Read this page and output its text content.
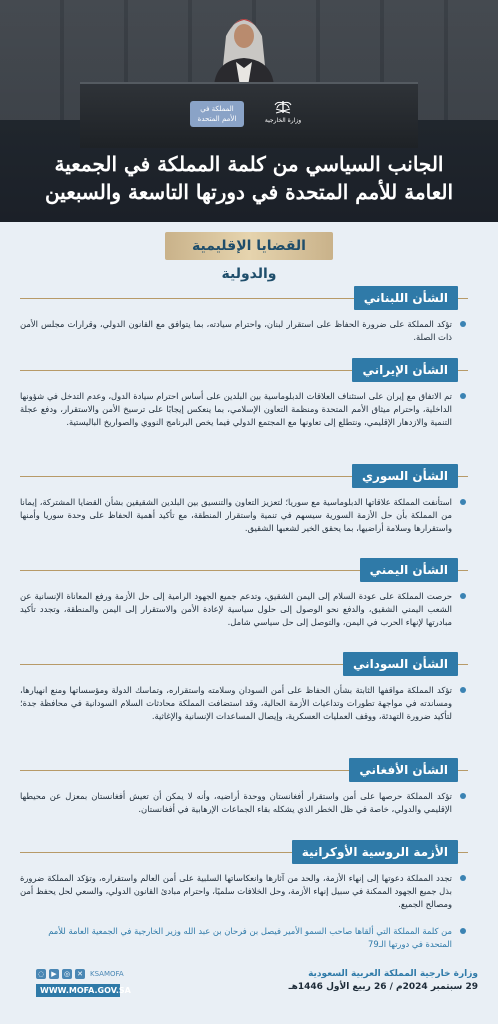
المملكة في
الأمم المتحدة	وزارة الخارجية
الجانب السياسي من كلمة المملكة في الجمعية
العامة للأمم المتحدة في دورتها التاسعة والسبعين
القضايا الإقليمية والدولية
الشأن اللبناني
تؤكد المملكة على ضرورة الحفاظ على استقرار لبنان، واحترام سيادته، بما يتوافق مع القانون الدولي، وقرارات مجلس الأمن ذات الصلة.
الشأن الإيراني
تم الاتفاق مع إيران على استئناف العلاقات الدبلوماسية بين البلدين على أساس احترام سيادة الدول، وعدم التدخل في شؤونها الداخلية، واحترام ميثاق الأمم المتحدة ومنظمة التعاون الإسلامي، بما ينعكس إيجابًا على ترسيخ الأمن والاستقرار، ودفع عجلة التنمية والازدهار الإقليمي، ونتطلع إلى تعاونها مع المجتمع الدولي فيما يخص البرنامج النووي والصواريخ الباليستية.
الشأن السوري
استأنفت المملكة علاقاتها الدبلوماسية مع سوريا؛ لتعزيز التعاون والتنسيق بين البلدين الشقيقين بشأن القضايا المشتركة، إيمانا من المملكة بأن حل الأزمة السورية سيسهم في تنمية واستقرار المنطقة، مع تأكيد أهمية الحفاظ على وحدة سوريا وأمنها واستقرارها وسلامة أراضيها، بما يحقق الخير لشعبها الشقيق.
الشأن اليمني
حرصت المملكة على عودة السلام إلى اليمن الشقيق، وتدعم جميع الجهود الرامية إلى حل الأزمة ورفع المعاناة الإنسانية عن الشعب اليمني الشقيق، والدفع نحو الوصول إلى حلول سياسية لإعادة الأمن والاستقرار إلى اليمن والمنطقة، وتجدد تأكيد مبادرتها لإنهاء الحرب في اليمن، والتوصل إلى حل سياسي شامل.
الشأن السوداني
تؤكد المملكة مواقفها الثابتة بشأن الحفاظ على أمن السودان وسلامته واستقراره، وتماسك الدولة ومؤسساتها ومنع انهيارها، ومساندته في مواجهة تطورات وتداعيات الأزمة الحالية، وقد استضافت المملكة محادثات السلام السودانية في محافظة جدة؛ لتأكيد ضرورة التهدئة، ووقف العمليات العسكرية، وإيصال المساعدات الإنسانية والإغاثية.
الشأن الأفغاني
تؤكد المملكة حرصها على أمن واستقرار أفغانستان ووحدة أراضيه، وأنه لا يمكن أن تعيش أفغانستان بمعزل عن محيطها الإقليمي والدولي، خاصة في ظل الخطر الذي يشكله بقاء الجماعات الإرهابية في أفغانستان.
الأزمة الروسية الأوكرانية
تجدد المملكة دعوتها إلى إنهاء الأزمة، والحد من آثارها وانعكاساتها السلبية على أمن العالم واستقراره، وتؤكد المملكة ضرورة بذل جميع الجهود الممكنة في سبيل إنهاء الأزمة، وحل الخلافات سلميًا، واحترام مبادئ القانون الدولي، والسعي لحل يحفظ أمن ومصالح الجميع.
من كلمة المملكة التي ألقاها صاحب السمو الأمير فيصل بن فرحان بن عبد الله وزير الخارجية في الجمعية العامة للأمم المتحدة في دورتها الـ79
◌	▶	◎ ✕ KSAMOFA
WWW.MOFA.GOV.SA
وزارة خارجية المملكة العربية السعودية
29 سبتمبر 2024م / 26 ربيع الأول 1446هـ
